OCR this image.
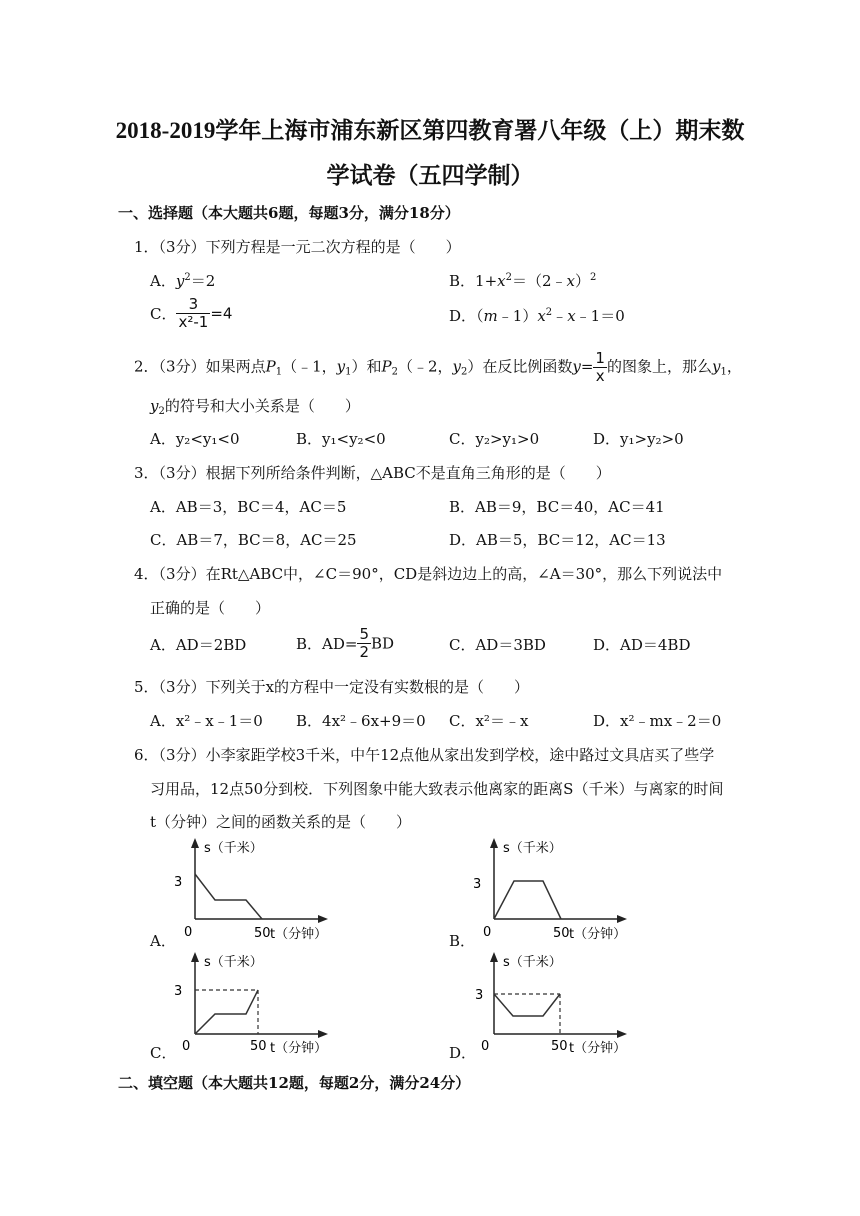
2018-2019学年上海市浦东新区第四教育署八年级（上）期末数
学试卷（五四学制）
一、选择题（本大题共6题，每题3分，满分18分）
1．（3分）下列方程是一元二次方程的是（　　）
A．$y^2=2$	B．$1+x^2=(2﹣x)^2$
C． $\frac{3}{\text{x²-1}} =4$	D．$(m﹣1)x^2﹣x﹣1=0$
2．（3分）如果两点$P_1(﹣1$，$y_1$）和$P_2(﹣2$，$y_2$）在反比例函数$y= \frac{1}{x}$ 的图象上，那么$y_1$，
$y_2$的符号和大小关系是（　　）
A．y₂<y₁<0	B．y₁<y₂<0	C．y₂>y₁>0	D．y₁>y₂>0
3．（3分）根据下列所给条件判断，△ABC不是直角三角形的是（　　）
A．AB＝3，BC＝4，AC＝5	B．AB＝9，BC＝40，AC＝41
C．AB＝7，BC＝8，AC＝25	D．AB＝5，BC＝12，AC＝13
4．（3分）在Rt△ABC中，∠C＝90°，CD是斜边边上的高，∠A＝30°，那么下列说法中
正确的是（　　）
A．AD＝2BD	B．$AD= \frac{5}{2}$ BD	C．AD＝3BD	D．AD＝4BD
5．（3分）下列关于x的方程中一定没有实数根的是（　　）
A．x²﹣x﹣1＝0 B．4x²﹣6x+9＝0 C．x²＝﹣x	D．x²﹣mx﹣2＝0
6．（3分）小李家距学校3千米，中午12点他从家出发到学校，途中路过文具店买了些学
习用品，12点50分到校．下列图象中能大致表示他离家的距离S（千米）与离家的时间
t（分钟）之间的函数关系的是（　　）
A．
s（千米）
3
0	50 t（分钟）	B．
s（千米）
3
0	50 t（分钟）
C．
s（千米）
3
0	50 t（分钟）	D．
s（千米）
3
0	50 t（分钟）
二、填空题（本大题共12题，每题2分，满分24分）
